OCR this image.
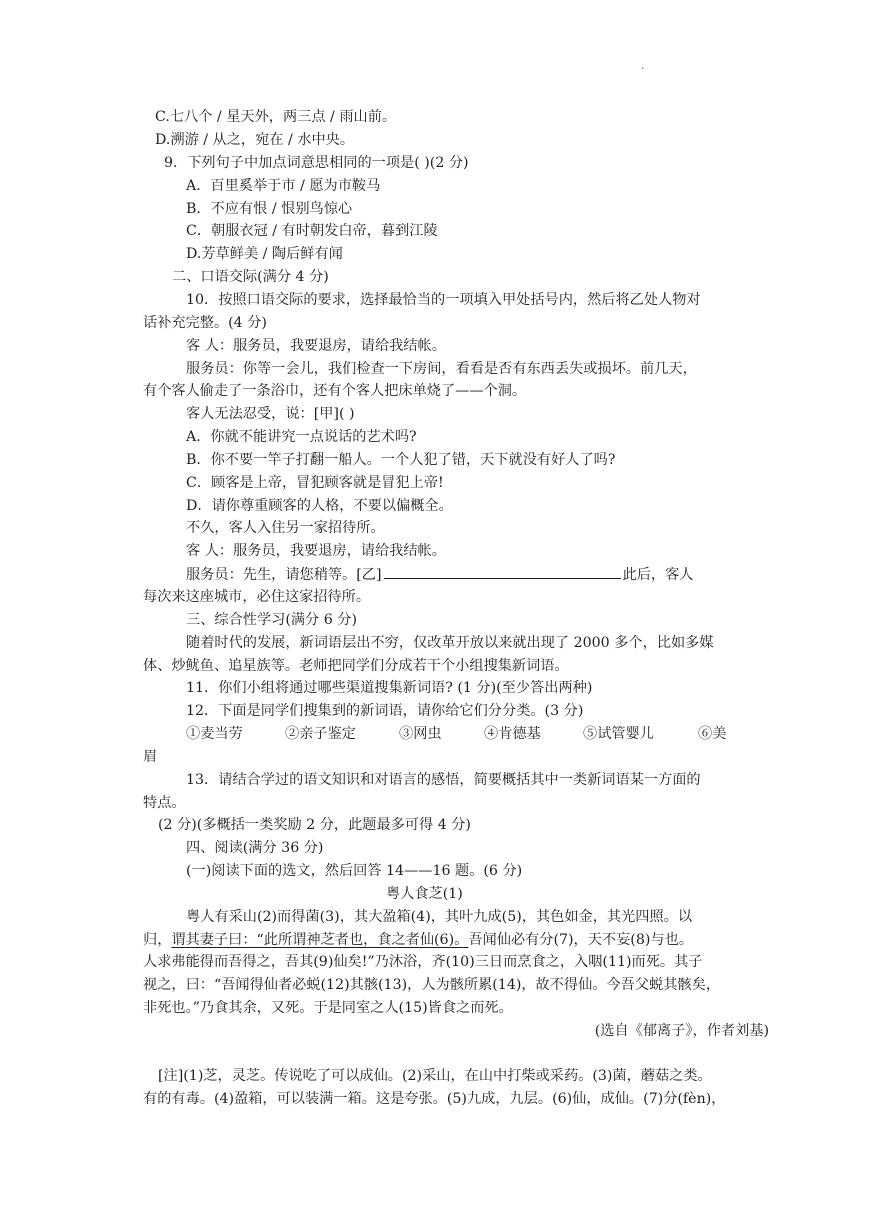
·
C.七八个 / 星天外，两三点 / 雨山前。
D.溯游 / 从之，宛在 / 水中央。
9．下列句子中加点词意思相同的一项是( )(2 分)
A．百里奚举于市 / 愿为市鞍马
B．不应有恨 / 恨别鸟惊心
C．朝服衣冠 / 有时朝发白帝，暮到江陵
D.芳草鲜美 / 陶后鲜有闻
二、口语交际(满分 4 分)
10．按照口语交际的要求，选择最恰当的一项填入甲处括号内，然后将乙处人物对
话补充完整。(4 分)
客 人：服务员，我要退房，请给我结帐。
服务员：你等一会儿，我们检查一下房间，看看是否有东西丢失或损坏。前几天，
有个客人偷走了一条浴巾，还有个客人把床单烧了——个洞。
客人无法忍受，说：[甲]( )
A．你就不能讲究一点说话的艺术吗?
B．你不要一竿子打翻一船人。一个人犯了错，天下就没有好人了吗?
C．顾客是上帝，冒犯顾客就是冒犯上帝!
D．请你尊重顾客的人格，不要以偏概全。
不久，客人入住另一家招待所。
客 人：服务员，我要退房，请给我结帐。
服务员：先生，请您稍等。[乙]	此后，客人
每次来这座城市，必住这家招待所。
三、综合性学习(满分 6 分)
随着时代的发展，新词语层出不穷，仅改革开放以来就出现了 2000 多个，比如多媒
体、炒鱿鱼、追星族等。老师把同学们分成若干个小组搜集新词语。
11．你们小组将通过哪些渠道搜集新词语? (1 分)(至少答出两种)
12．下面是同学们搜集到的新词语，请你给它们分分类。(3 分)
①麦当劳	②亲子鉴定	③网虫	④肯德基	⑤试管婴儿	⑥美
眉
13．请结合学过的语文知识和对语言的感悟，简要概括其中一类新词语某一方面的
特点。
(2 分)(多概括一类奖励 2 分，此题最多可得 4 分)
四、阅读(满分 36 分)
(一)阅读下面的选文，然后回答 14——16 题。(6 分)
粤人食芝(1)
粤人有采山(2)而得菌(3)，其大盈箱(4)，其叶九成(5)，其色如金，其光四照。以
归，谓其妻子曰：“此所谓神芝者也，食之者仙(6)。吾闻仙必有分(7)，天不妄(8)与也。
人求弗能得而吾得之，吾其(9)仙矣!”乃沐浴，齐(10)三日而烹食之，入咽(11)而死。其子
视之，曰：“吾闻得仙者必蜕(12)其骸(13)，人为骸所累(14)，故不得仙。今吾父蜕其骸矣，
非死也。”乃食其余，又死。于是同室之人(15)皆食之而死。
(选自《郁离子》，作者刘基)
[注](1)芝，灵芝。传说吃了可以成仙。(2)采山，在山中打柴或采药。(3)菌，蘑菇之类。
有的有毒。(4)盈箱，可以装满一箱。这是夸张。(5)九成，九层。(6)仙，成仙。(7)分(fèn)，
